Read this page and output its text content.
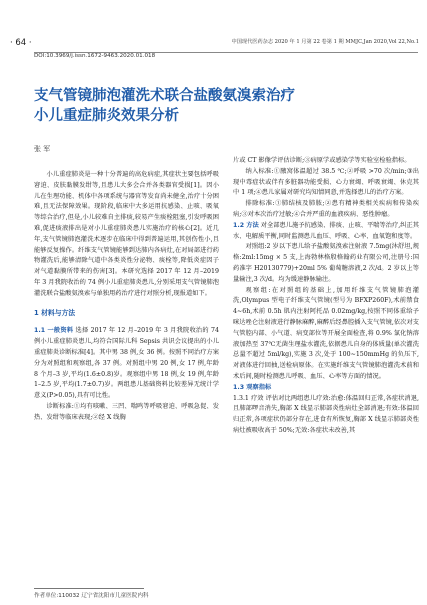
· 64 ·	中国现代医药杂志 2020 年 1 月第 22 卷第 1 期 MMJC,Jan 2020,Vol 22,No.1
DOI:10.3969/j.issn.1672-9463.2020.01.018
支气管镜肺泡灌洗术联合盐酸氨溴索治疗
小儿重症肺炎效果分析
张 军

小儿重症肺炎是一种十分普遍的高危病症,其症状主要包括呼吸窘迫、皮肤黏膜发绀等,且患儿大多会合并各类器官受损[1]。因小儿在生理功能、机体中各项系统与器官等发育尚未健全,治疗十分困难,且无法保障效果。现阶段,临床中大多运用抗感染、止咳、吸氧等综合治疗,但是,小儿较难自主排痰,较易产生痰栓阻塞,引发呼吸困难,促进痰液排出是对小儿重症肺炎患儿实施治疗的核心[2]。近几年,支气管镜肺泡灌洗术逐步在临床中得到普遍运用,其创伤性小,且能够反复操作。纤维支气管镜能够到达肺内各病灶,在对局部进行药物灌洗后,能够清除气道中各类炎性分泌物、痰栓等,降低炎症因子对气道黏膜所带来的伤害[3]。本研究选择 2017 年 12 月–2019 年 3 月我院收治的 74 例小儿重症肺炎患儿,分别采用支气管镜肺泡灌洗联合盐酸氨溴索与单独用药治疗进行对照分析,现报道如下。

1 材料与方法

1.1 一般资料 选择 2017 年 12 月–2019 年 3 月我院收治的 74 例小儿重症肺炎患儿,均符合国际儿科 Sepsis 共识会议提出的小儿重症肺炎诊断标准[4]。其中男 38 例,女 36 例。按照不同治疗方案分为对照组和观察组,各 37 例。对照组中男 20 例,女 17 例,年龄 8 个月–3 岁,平均(1.6±0.8)岁。观察组中男 18 例,女 19 例,年龄 1–2.5 岁,平均(1.7±0.7)岁。两组患儿基础资料比较差异无统计学意义(P>0.05),具有可比性。

诊断标准:①均有咳嗽、三凹、喘鸣等呼吸窘迫、呼吸急促、发热、发绀等临床表现;②经 X 线胸

片或 CT 影像学评估诊断;③病原学或感染学等实验室检验指标。

纳入标准:①腋窝体温超过 38.5 ℃;②呼吸 >70 次/min;③出现中毒症状或伴有多脏器功能受损、心力衰竭、呼吸衰竭、休克其中 1 项;④患儿家属对研究均知情同意,并选择患儿的治疗方案。

排除标准:①肺结核及肺脓;②患有精神类相关疾病和传染疾病;③对本次治疗过敏;④合并严重的血液疾病、恶性肿瘤。

1.2 方法 对全部患儿施予抗感染、排痰、止咳、平喘等治疗,纠正其水、电解质平衡,同时监测患儿血压、呼吸、心率、血氧饱和度等。

对照组:2 岁以下患儿给予盐酸氨溴索注射液 7.5mg(沐舒坦,规格:2ml:15mg × 5 支,上海勃林格殷格翰药业有限公司,注册号:国药准字 H20130779)+20ml 5% 葡萄糖溶液,2 次/d。2 岁以上等量输注,3 次/d。均为缓速静脉输注。

观察组:在对照组的基础上,加用纤维支气管镜肺泡灌洗,Olympus 型电子纤维支气管镜(型号为 BFXP260F),术前禁食 4~6h,术前 0.5h 肌内注射阿托品 0.02mg/kg,按照不同体重给予咪达唑仑注射液进行静脉麻醉,麻醉后经鼻腔插入支气管镜,依次对支气管腔内部、小气道、病变部位等开展全面检查,将 0.9% 氯化钠溶液加热至 37℃无菌生理盐水灌洗,依据患儿自身的体质量(单次灌洗总量不超过 5ml/kg),实施 3 次,处于 100~150mmHg 的负压下,对液体进行回抽,送检病原体。在实施纤维支气管镜肺泡灌洗术前和术后间,随时检测患儿呼吸、血压、心率等方面的情况。

1.3 观察指标

1.3.1 疗效 评估对比两组患儿疗效:治愈:体温回归正常,各症状消退,且肺部啰音消失,胸部 X 线显示肺部炎性病灶全部消退;有效:体温回归正常,各项症状仍部分存在,进食有所恢复,胸部 X 线显示肺部炎性病灶被吸收高于 50%;无效:各症状未改善,其

作者单位:110032 辽宁省沈阳市儿童医院内科
